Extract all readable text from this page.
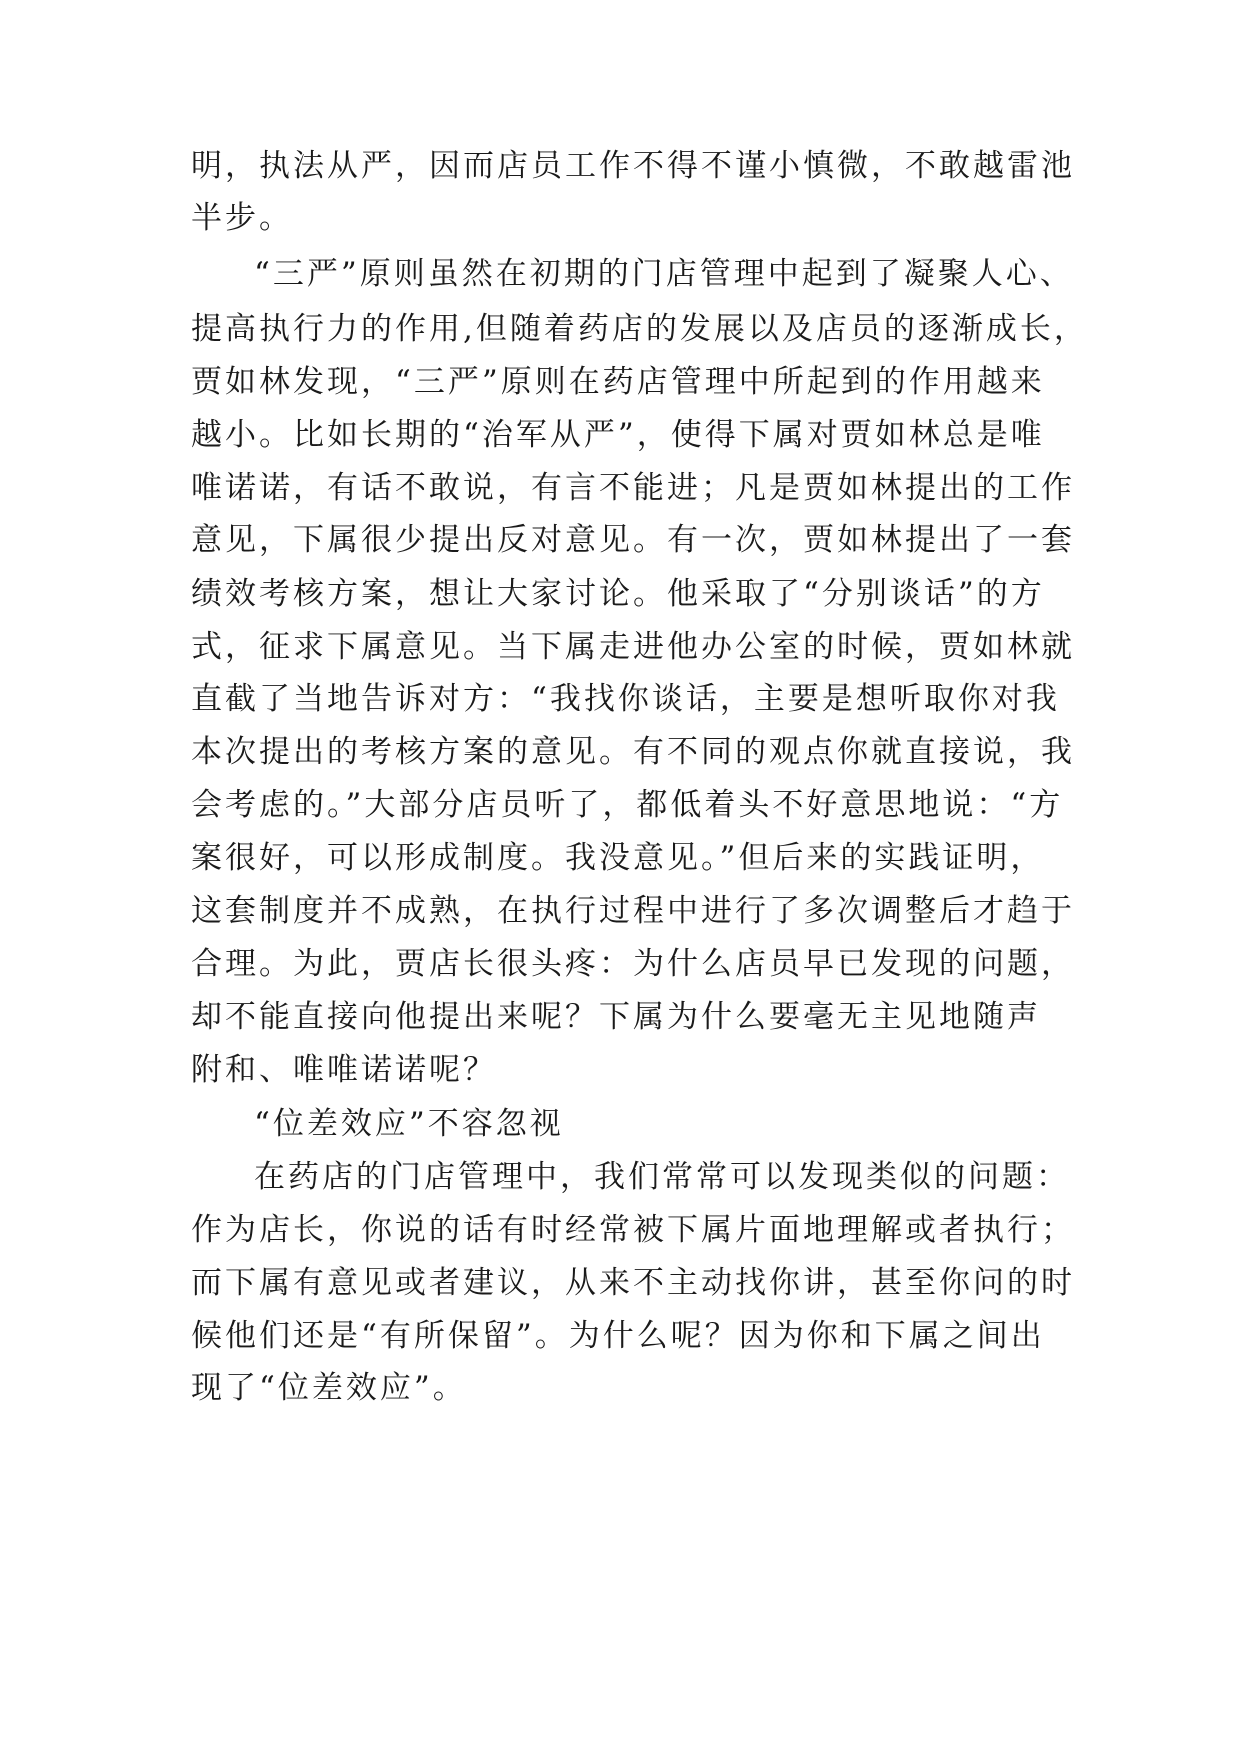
明，执法从严，因而店员工作不得不谨小慎微，不敢越雷池
半步。
“三严”原则虽然在初期的门店管理中起到了凝聚人心、
提高执行力的作用,但随着药店的发展以及店员的逐渐成长，
贾如林发现，“三严”原则在药店管理中所起到的作用越来
越小。比如长期的“治军从严”，使得下属对贾如林总是唯
唯诺诺，有话不敢说，有言不能进；凡是贾如林提出的工作
意见，下属很少提出反对意见。有一次，贾如林提出了一套
绩效考核方案，想让大家讨论。他采取了“分别谈话”的方
式，征求下属意见。当下属走进他办公室的时候，贾如林就
直截了当地告诉对方：“我找你谈话，主要是想听取你对我
本次提出的考核方案的意见。有不同的观点你就直接说，我
会考虑的。”大部分店员听了，都低着头不好意思地说：“方
案很好，可以形成制度。我没意见。”但后来的实践证明，
这套制度并不成熟，在执行过程中进行了多次调整后才趋于
合理。为此，贾店长很头疼：为什么店员早已发现的问题，
却不能直接向他提出来呢？下属为什么要毫无主见地随声
附和、唯唯诺诺呢？
“位差效应”不容忽视
在药店的门店管理中，我们常常可以发现类似的问题：
作为店长，你说的话有时经常被下属片面地理解或者执行；
而下属有意见或者建议，从来不主动找你讲，甚至你问的时
候他们还是“有所保留”。为什么呢？因为你和下属之间出
现了“位差效应”。
